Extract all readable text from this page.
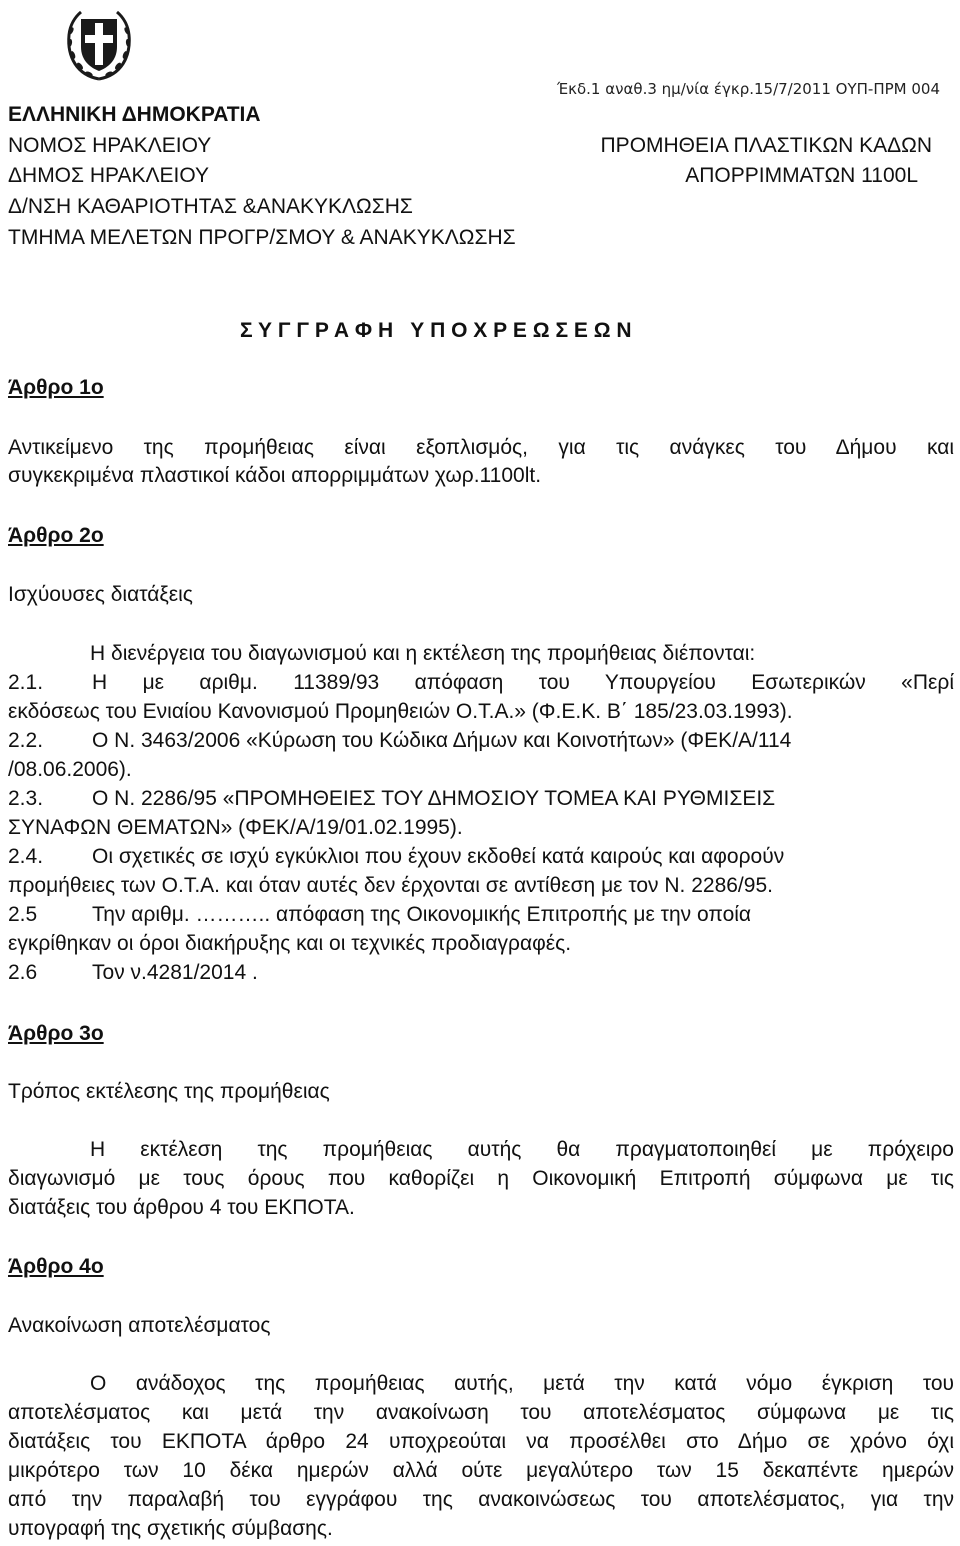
Έκδ.1 αναθ.3 ημ/νία έγκρ.15/7/2011 ΟΥΠ-ΠΡΜ 004
ΕΛΛΗΝΙΚΗ ΔΗΜΟΚΡΑΤΙΑ
ΝΟΜΟΣ ΗΡΑΚΛΕΙΟΥ
ΔΗΜΟΣ ΗΡΑΚΛΕΙΟΥ
Δ/ΝΣΗ ΚΑΘΑΡΙΟΤΗΤΑΣ &ΑΝΑΚΥΚΛΩΣΗΣ
ΤΜΗΜΑ ΜΕΛΕΤΩΝ ΠΡΟΓΡ/ΣΜΟΥ & ΑΝΑΚΥΚΛΩΣΗΣ
ΠΡΟΜΗΘΕΙΑ ΠΛΑΣΤΙΚΩΝ ΚΑΔΩΝ
ΑΠΟΡΡΙΜΜΑΤΩΝ 1100L
Σ Υ Γ Γ Ρ Α Φ Η   Υ Π Ο Χ Ρ Ε Ω Σ Ε Ω Ν
Άρθρο 1ο
Αντικείμενο της προμήθειας είναι εξοπλισμός, για τις ανάγκες του Δήμου και
συγκεκριμένα πλαστικοί κάδοι απορριμμάτων χωρ.1100lt.
Άρθρο 2ο
Ισχύουσες διατάξεις
Η διενέργεια του διαγωνισμού και η εκτέλεση της προμήθειας διέπονται:
2.1. Η με αριθμ. 11389/93 απόφαση του Υπουργείου Εσωτερικών «Περί
εκδόσεως του Ενιαίου Κανονισμού Προμηθειών Ο.Τ.Α.» (Φ.Ε.Κ. Β΄ 185/23.03.1993).
2.2. Ο Ν. 3463/2006 «Κύρωση του Κώδικα Δήμων και Κοινοτήτων» (ΦΕΚ/Α/114
/08.06.2006).
2.3. Ο Ν. 2286/95 «ΠΡΟΜΗΘΕΙΕΣ ΤΟΥ ΔΗΜΟΣΙΟΥ ΤΟΜΕΑ ΚΑΙ ΡΥΘΜΙΣΕΙΣ
ΣΥΝΑΦΩΝ ΘΕΜΑΤΩΝ» (ΦΕΚ/Α/19/01.02.1995).
2.4. Οι σχετικές σε ισχύ εγκύκλιοι που έχουν εκδοθεί κατά καιρούς και αφορούν
προμήθειες των Ο.Τ.Α. και όταν αυτές δεν έρχονται σε αντίθεση με τον Ν. 2286/95.
2.5	Την αριθμ. ……….. απόφαση της Οικονομικής Επιτροπής με την οποία
εγκρίθηκαν οι όροι διακήρυξης και οι τεχνικές προδιαγραφές.
2.6	Τον ν.4281/2014 .
Άρθρο 3ο
Τρόπος εκτέλεσης της προμήθειας
Η εκτέλεση της προμήθειας αυτής θα πραγματοποιηθεί με πρόχειρο
διαγωνισμό με τους όρους που καθορίζει η Οικονομική Επιτροπή σύμφωνα με τις
διατάξεις του άρθρου 4 του ΕΚΠΟΤΑ.
Άρθρο 4ο
Ανακοίνωση αποτελέσματος
Ο ανάδοχος της προμήθειας αυτής, μετά την κατά νόμο έγκριση του
αποτελέσματος και μετά την ανακοίνωση του αποτελέσματος σύμφωνα με τις
διατάξεις του ΕΚΠΟΤΑ άρθρο 24 υποχρεούται να προσέλθει στο Δήμο σε χρόνο όχι
μικρότερο των 10 δέκα ημερών αλλά ούτε μεγαλύτερο των 15 δεκαπέντε ημερών
από την παραλαβή του εγγράφου της ανακοινώσεως του αποτελέσματος, για την
υπογραφή της σχετικής σύμβασης.
